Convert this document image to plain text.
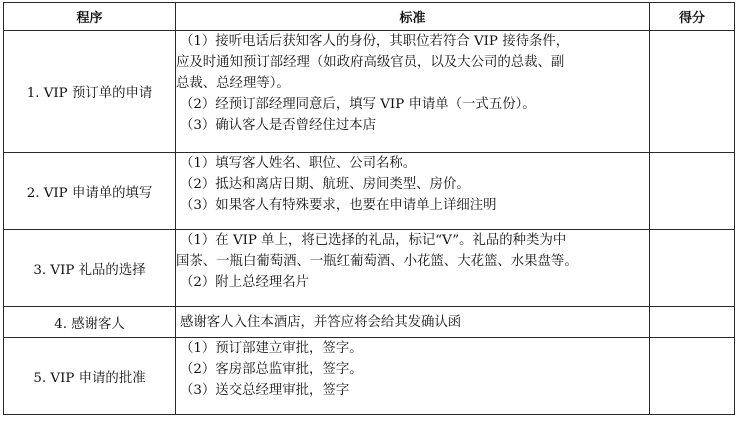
程序	标准	得分
1. VIP 预订单的申请	（1）接听电话后获知客人的身份，其职位若符合 VIP 接待条件，
应及时通知预订部经理（如政府高级官员，以及大公司的总裁、副
总裁、总经理等）。
（2）经预订部经理同意后，填写 VIP 申请单（一式五份）。
（3）确认客人是否曾经住过本店	

2. VIP 申请单的填写	（1）填写客人姓名、职位、公司名称。
（2）抵达和离店日期、航班、房间类型、房价。
（3）如果客人有特殊要求，也要在申请单上详细注明	

3. VIP 礼品的选择	（1）在 VIP 单上，将已选择的礼品，标记“V”。礼品的种类为中
国茶、一瓶白葡萄酒、一瓶红葡萄酒、小花篮、大花篮、水果盘等。
（2）附上总经理名片	

4. 感谢客人	感谢客人入住本酒店，并答应将会给其发确认函	

5. VIP 申请的批准	（1）预订部建立审批，签字。
（2）客房部总监审批，签字。
（3）送交总经理审批，签字	
